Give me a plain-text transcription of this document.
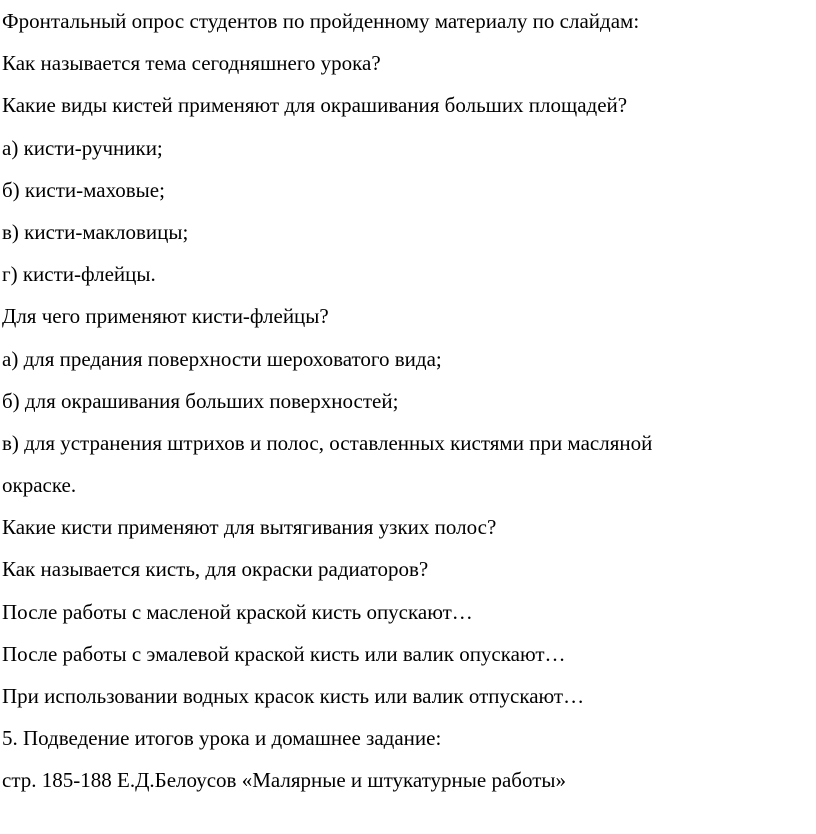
Фронтальный опрос студентов по пройденному материалу по слайдам:

Как называется тема сегодняшнего урока?

Какие виды кистей применяют для окрашивания больших площадей?

а) кисти-ручники;

б) кисти-маховые;

в) кисти-макловицы;

г) кисти-флейцы.

Для чего применяют кисти-флейцы?

а) для предания поверхности шероховатого вида;

б) для окрашивания больших поверхностей;

в) для устранения штрихов и полос, оставленных кистями при масляной

окраске.

Какие кисти применяют для вытягивания узких полос?

Как называется кисть, для окраски радиаторов?

После работы с масленой краской кисть опускают…

После работы с эмалевой краской кисть или валик опускают…

При использовании водных красок кисть или валик отпускают…

5. Подведение итогов урока и домашнее задание:

стр. 185-188 Е.Д.Белоусов «Малярные и штукатурные работы»
